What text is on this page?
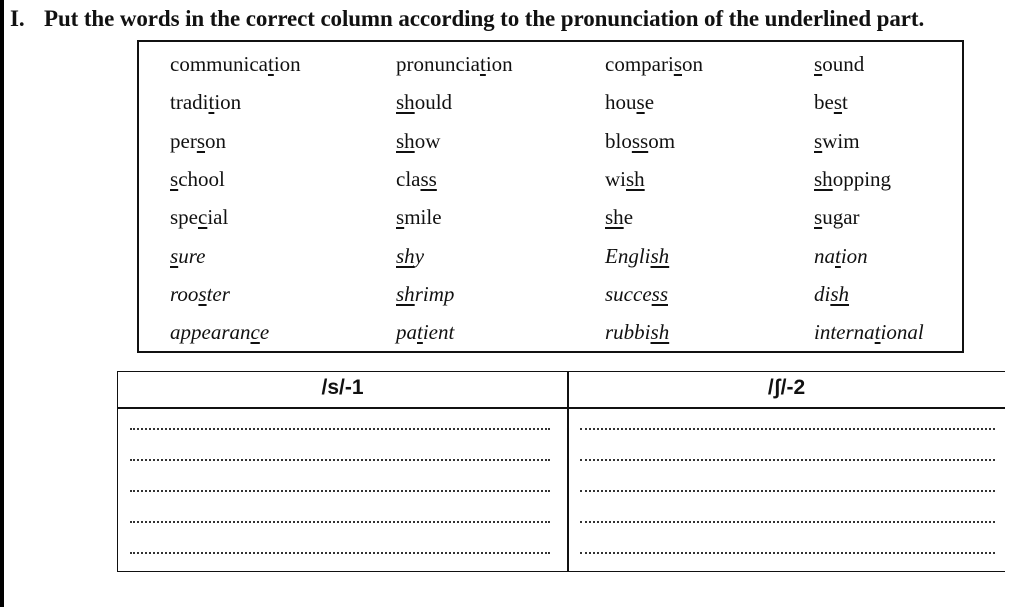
I. Put the words in the correct column according to the pronunciation of the underlined part.
communication	pronunciation	comparison	sound
tradition	should	house	best
person	show	blossom	swim
school	class	wish	shopping
special	smile	she	sugar
sure	shy	English	nation
rooster	shrimp	success	dish
appearance	patient	rubbish	international
/s/-1	/ʃ/-2
